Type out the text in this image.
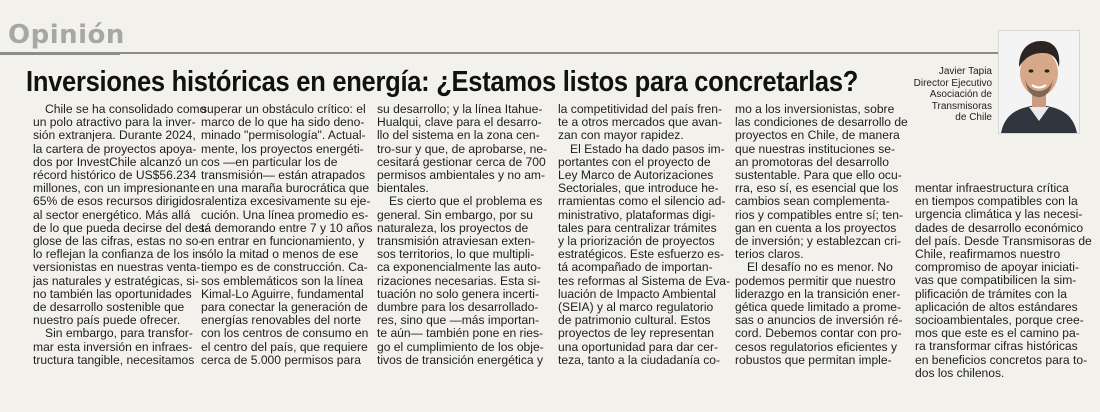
Opinión
Inversiones históricas en energía: ¿Estamos listos para concretarlas?	Javier Tapia
Director Ejecutivo
Asociación de
Transmisoras
de Chile
Chile se ha consolidado como
un polo atractivo para la inver-
sión extranjera. Durante 2024,
la cartera de proyectos apoya-
dos por InvestChile alcanzó un
récord histórico de US$56.234
millones, con un impresionante
65% de esos recursos dirigidos
al sector energético. Más allá
de lo que pueda decirse del des-
glose de las cifras, estas no so-
lo reflejan la confianza de los in-
versionistas en nuestras venta-
jas naturales y estratégicas, si-
no también las oportunidades
de desarrollo sostenible que
nuestro país puede ofrecer.
Sin embargo, para transfor-
mar esta inversión en infraes-
tructura tangible, necesitamos
superar un obstáculo crítico: el
marco de lo que ha sido deno-
minado "permisología". Actual-
mente, los proyectos energéti-
cos —en particular los de
transmisión— están atrapados
en una maraña burocrática que
ralentiza excesivamente su eje-
cución. Una línea promedio es-
tá demorando entre 7 y 10 años
en entrar en funcionamiento, y
sólo la mitad o menos de ese
tiempo es de construcción. Ca-
sos emblemáticos son la línea
Kimal-Lo Aguirre, fundamental
para conectar la generación de
energías renovables del norte
con los centros de consumo en
el centro del país, que requiere
cerca de 5.000 permisos para
su desarrollo; y la línea Itahue-
Hualqui, clave para el desarro-
llo del sistema en la zona cen-
tro-sur y que, de aprobarse, ne-
cesitará gestionar cerca de 700
permisos ambientales y no am-
bientales.
Es cierto que el problema es
general. Sin embargo, por su
naturaleza, los proyectos de
transmisión atraviesan exten-
sos territorios, lo que multipli-
ca exponencialmente las auto-
rizaciones necesarias. Esta si-
tuación no solo genera incerti-
dumbre para los desarrollado-
res, sino que —más importan-
te aún— también pone en ries-
go el cumplimiento de los obje-
tivos de transición energética y
la competitividad del país fren-
te a otros mercados que avan-
zan con mayor rapidez.
El Estado ha dado pasos im-
portantes con el proyecto de
Ley Marco de Autorizaciones
Sectoriales, que introduce he-
rramientas como el silencio ad-
ministrativo, plataformas digi-
tales para centralizar trámites
y la priorización de proyectos
estratégicos. Este esfuerzo es-
tá acompañado de importan-
tes reformas al Sistema de Eva-
luación de Impacto Ambiental
(SEIA) y al marco regulatorio
de patrimonio cultural. Estos
proyectos de ley representan
una oportunidad para dar cer-
teza, tanto a la ciudadanía co-
mo a los inversionistas, sobre
las condiciones de desarrollo de
proyectos en Chile, de manera
que nuestras instituciones se-
an promotoras del desarrollo
sustentable. Para que ello ocu-
rra, eso sí, es esencial que los
cambios sean complementa-
rios y compatibles entre sí; ten-
gan en cuenta a los proyectos
de inversión; y establezcan cri-
terios claros.
El desafío no es menor. No
podemos permitir que nuestro
liderazgo en la transición ener-
gética quede limitado a prome-
sas o anuncios de inversión ré-
cord. Debemos contar con pro-
cesos regulatorios eficientes y
robustos que permitan imple-
mentar infraestructura crítica
en tiempos compatibles con la
urgencia climática y las necesi-
dades de desarrollo económico
del país. Desde Transmisoras de
Chile, reafirmamos nuestro
compromiso de apoyar iniciati-
vas que compatibilicen la sim-
plificación de trámites con la
aplicación de altos estándares
socioambientales, porque cree-
mos que este es el camino pa-
ra transformar cifras históricas
en beneficios concretos para to-
dos los chilenos.
